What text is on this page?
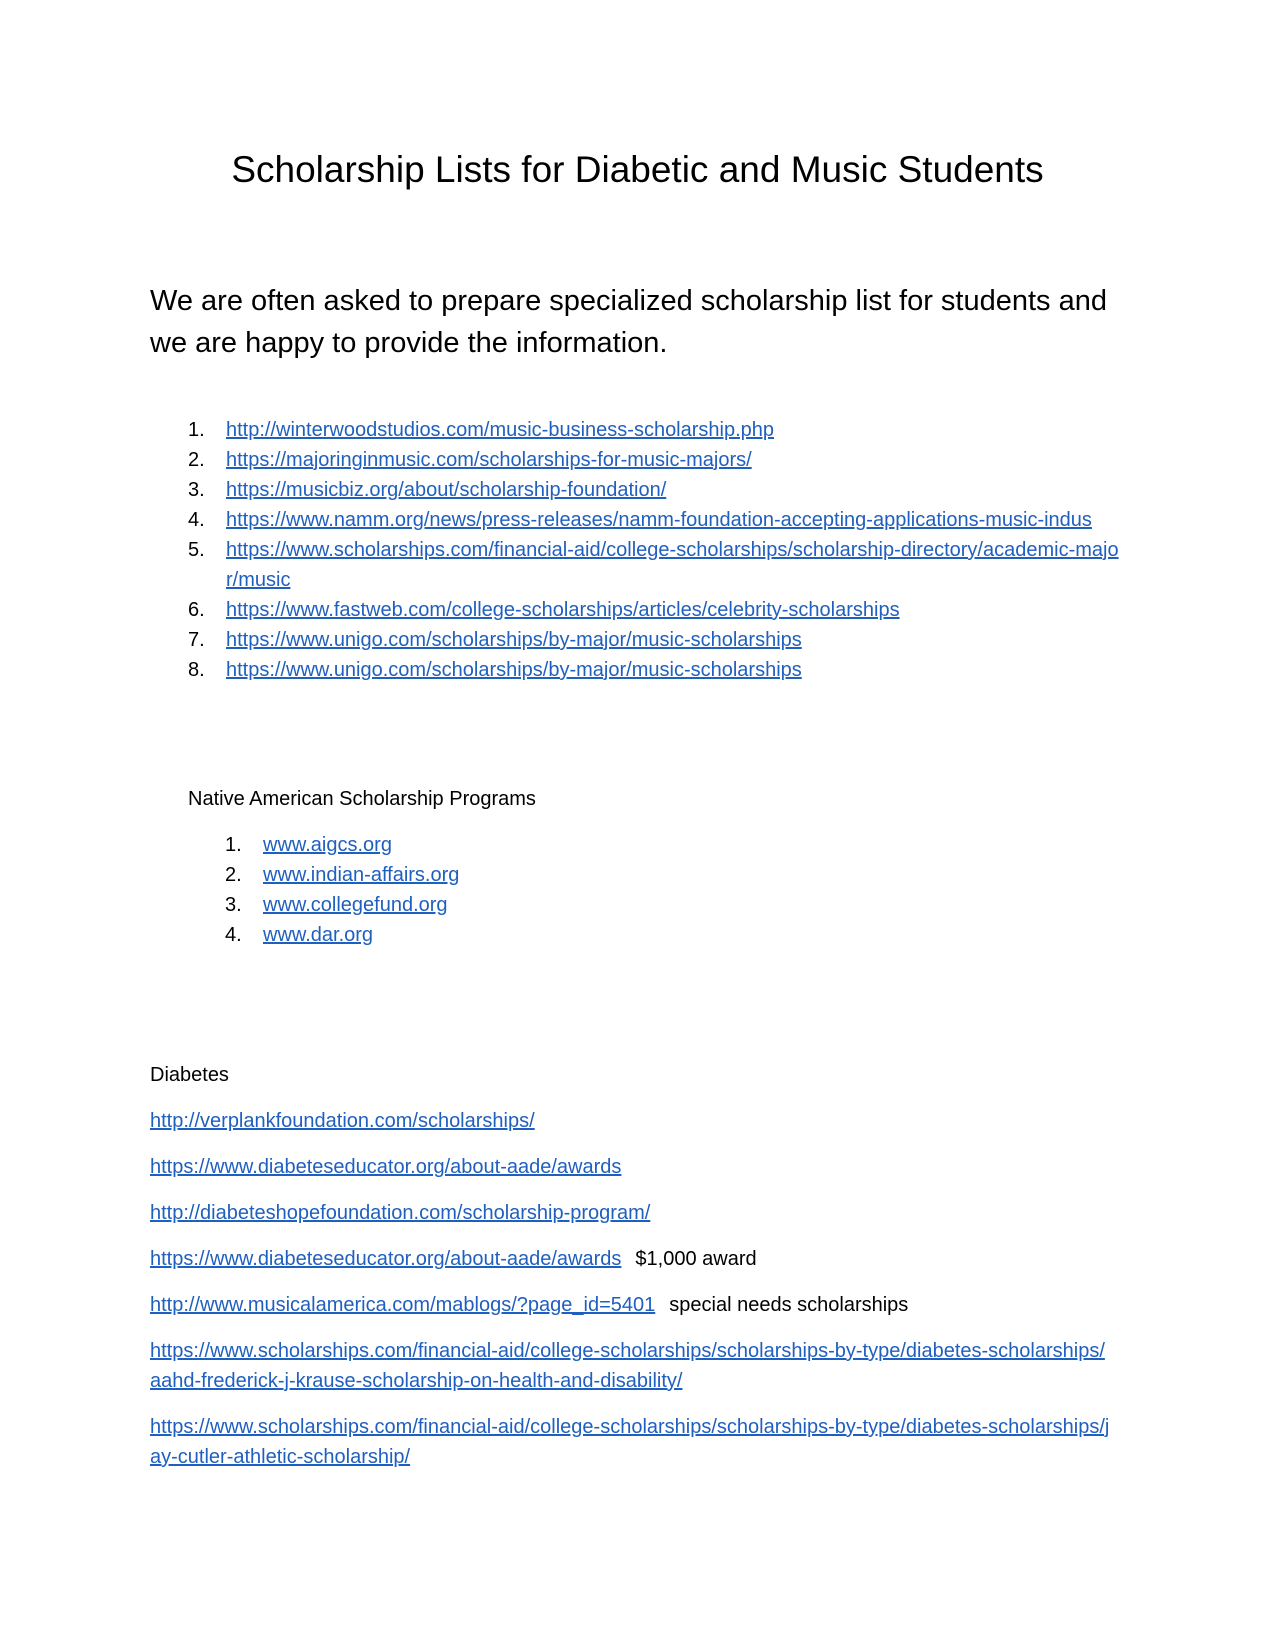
Scholarship Lists for Diabetic and Music Students

We are often asked to prepare specialized scholarship list for students and we are happy to provide the information.

1. http://winterwoodstudios.com/music-business-scholarship.php
2. https://majoringinmusic.com/scholarships-for-music-majors/
3. https://musicbiz.org/about/scholarship-foundation/
4. https://www.namm.org/news/press-releases/namm-foundation-accepting-applications-music-indus
5. https://www.scholarships.com/financial-aid/college-scholarships/scholarship-directory/academic-major/music
6. https://www.fastweb.com/college-scholarships/articles/celebrity-scholarships
7. https://www.unigo.com/scholarships/by-major/music-scholarships
8. https://www.unigo.com/scholarships/by-major/music-scholarships

Native American Scholarship Programs

1. www.aigcs.org
2. www.indian-affairs.org
3. www.collegefund.org
4. www.dar.org

Diabetes

http://verplankfoundation.com/scholarships/

https://www.diabeteseducator.org/about-aade/awards

http://diabeteshopefoundation.com/scholarship-program/

https://www.diabeteseducator.org/about-aade/awards $1,000 award

http://www.musicalamerica.com/mablogs/?page_id=5401 special needs scholarships

https://www.scholarships.com/financial-aid/college-scholarships/scholarships-by-type/diabetes-scholarships/aahd-frederick-j-krause-scholarship-on-health-and-disability/

https://www.scholarships.com/financial-aid/college-scholarships/scholarships-by-type/diabetes-scholarships/jay-cutler-athletic-scholarship/
